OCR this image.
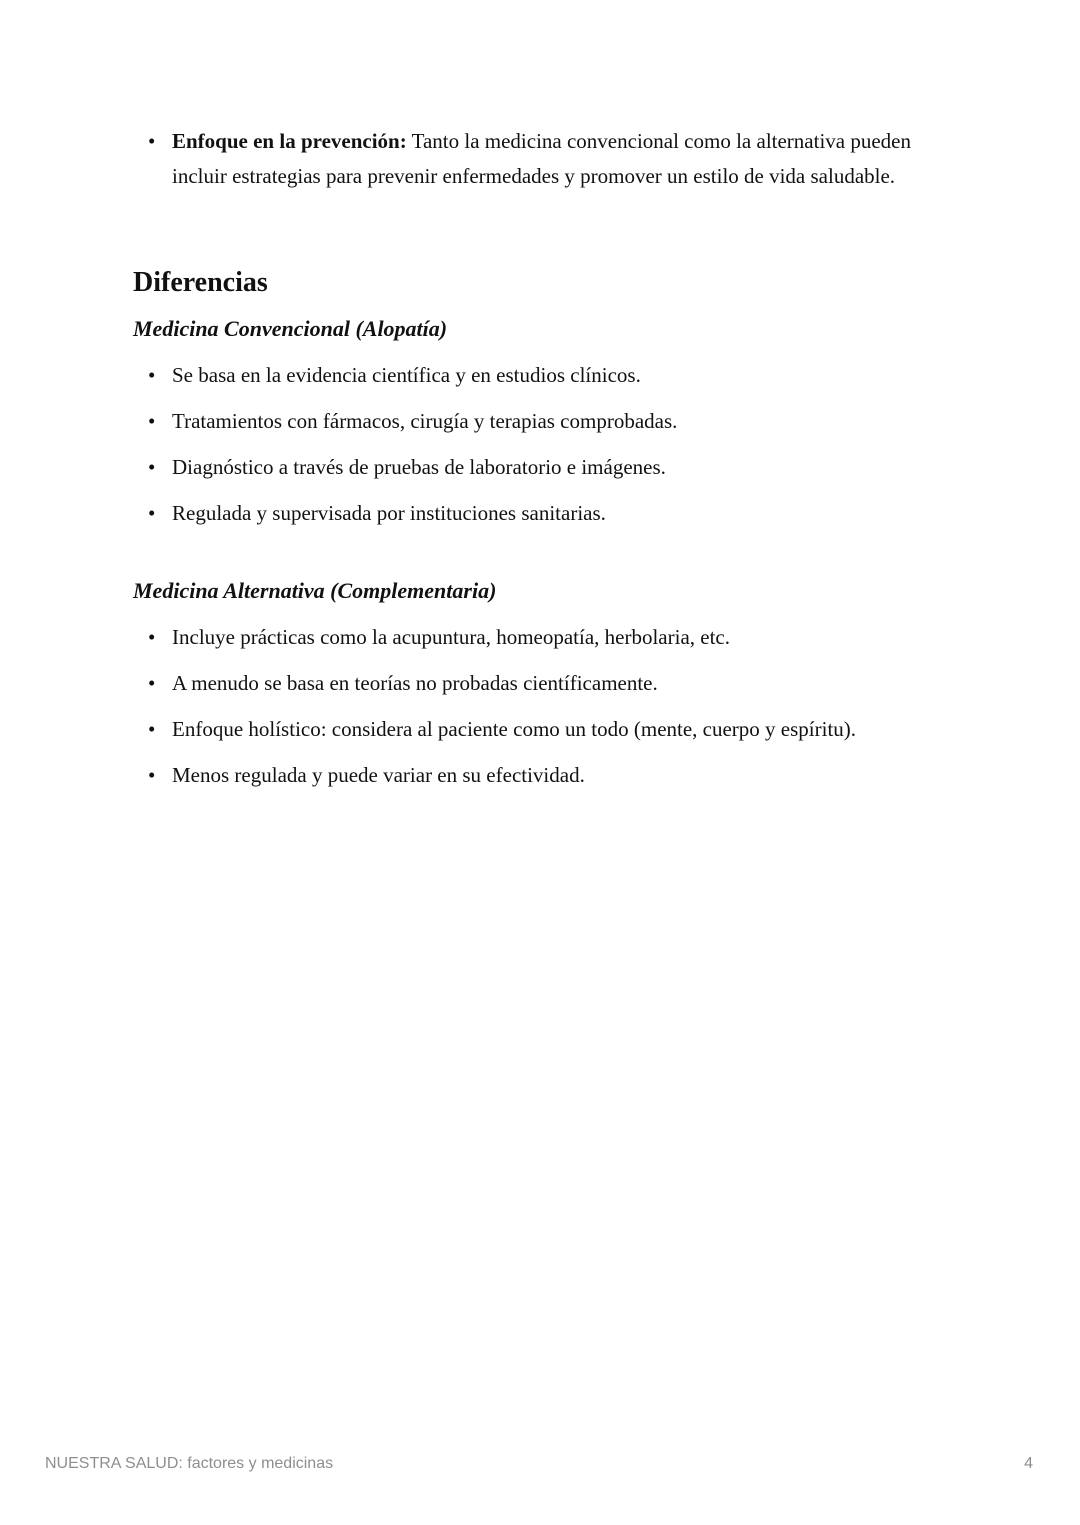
• Enfoque en la prevención: Tanto la medicina convencional como la alternativa pueden incluir estrategias para prevenir enfermedades y promover un estilo de vida saludable.
Diferencias
Medicina Convencional (Alopatía)
• Se basa en la evidencia científica y en estudios clínicos.
• Tratamientos con fármacos, cirugía y terapias comprobadas.
• Diagnóstico a través de pruebas de laboratorio e imágenes.
• Regulada y supervisada por instituciones sanitarias.
Medicina Alternativa (Complementaria)
• Incluye prácticas como la acupuntura, homeopatía, herbolaria, etc.
• A menudo se basa en teorías no probadas científicamente.
• Enfoque holístico: considera al paciente como un todo (mente, cuerpo y espíritu).
• Menos regulada y puede variar en su efectividad.
NUESTRA SALUD: factores y medicinas	4
